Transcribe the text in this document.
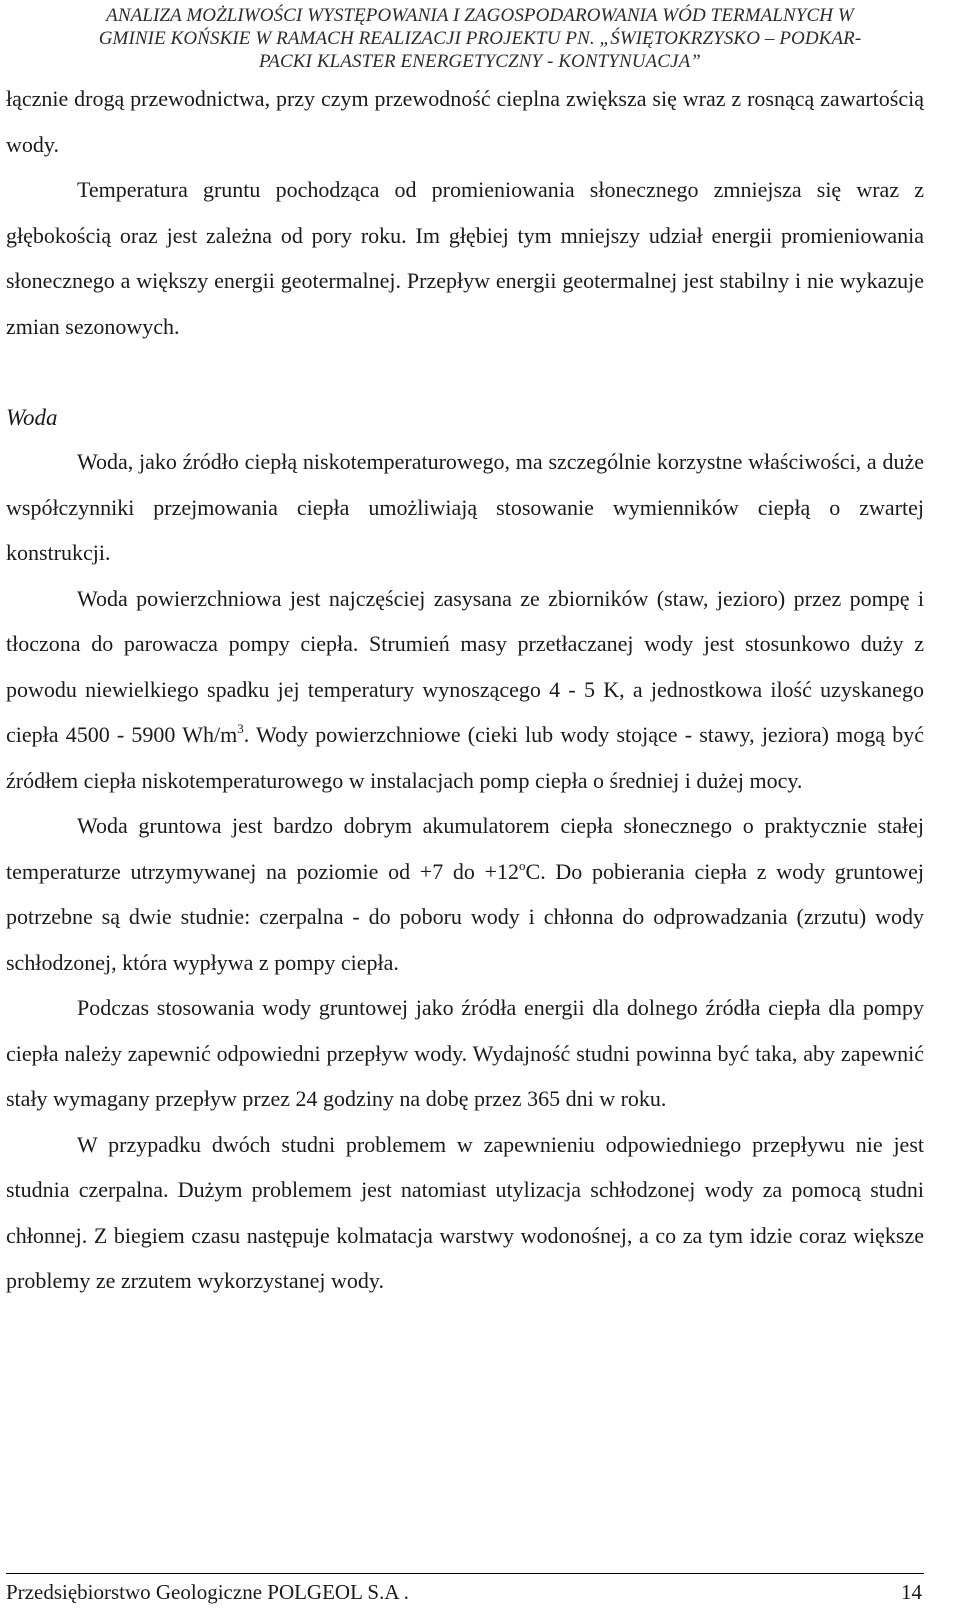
ANALIZA MOŻLIWOŚCI WYSTĘPOWANIA I ZAGOSPODAROWANIA WÓD TERMALNYCH W
GMINIE KOŃSKIE W RAMACH REALIZACJI PROJEKTU PN. „ŚWIĘTOKRZYSKO – PODKAR-
PACKI KLASTER ENERGETYCZNY - KONTYNUACJA”

łącznie drogą przewodnictwa, przy czym przewodność cieplna zwiększa się wraz z rosnącą zawartością wody.

Temperatura gruntu pochodząca od promieniowania słonecznego zmniejsza się wraz z głębokością oraz jest zależna od pory roku. Im głębiej tym mniejszy udział energii promieniowania słonecznego a większy energii geotermalnej. Przepływ energii geotermalnej jest stabilny i nie wykazuje zmian sezonowych.

Woda

Woda, jako źródło ciepłą niskotemperaturowego, ma szczególnie korzystne właściwości, a duże współczynniki przejmowania ciepła umożliwiają stosowanie wymienników ciepłą o zwartej konstrukcji.

Woda powierzchniowa jest najczęściej zasysana ze zbiorników (staw, jezioro) przez pompę i tłoczona do parowacza pompy ciepła. Strumień masy przetłaczanej wody jest stosunkowo duży z powodu niewielkiego spadku jej temperatury wynoszącego 4 - 5 K, a jednostkowa ilość uzyskanego ciepła 4500 - 5900 $Wh/m^3$. Wody powierzchniowe (cieki lub wody stojące - stawy, jeziora) mogą być źródłem ciepła niskotemperaturowego w instalacjach pomp ciepła o średniej i dużej mocy.

Woda gruntowa jest bardzo dobrym akumulatorem ciepła słonecznego o praktycznie stałej temperaturze utrzymywanej na poziomie od +7 do $+12^oC$. Do pobierania ciepła z wody gruntowej potrzebne są dwie studnie: czerpalna - do poboru wody i chłonna do odprowadzania (zrzutu) wody schłodzonej, która wypływa z pompy ciepła.

Podczas stosowania wody gruntowej jako źródła energii dla dolnego źródła ciepła dla pompy ciepła należy zapewnić odpowiedni przepływ wody. Wydajność studni powinna być taka, aby zapewnić stały wymagany przepływ przez 24 godziny na dobę przez 365 dni w roku.

W przypadku dwóch studni problemem w zapewnieniu odpowiedniego przepływu nie jest studnia czerpalna. Dużym problemem jest natomiast utylizacja schłodzonej wody za pomocą studni chłonnej. Z biegiem czasu następuje kolmatacja warstwy wodonośnej, a co za tym idzie coraz większe problemy ze zrzutem wykorzystanej wody.

Przedsiębiorstwo Geologiczne POLGEOL S.A .	14
